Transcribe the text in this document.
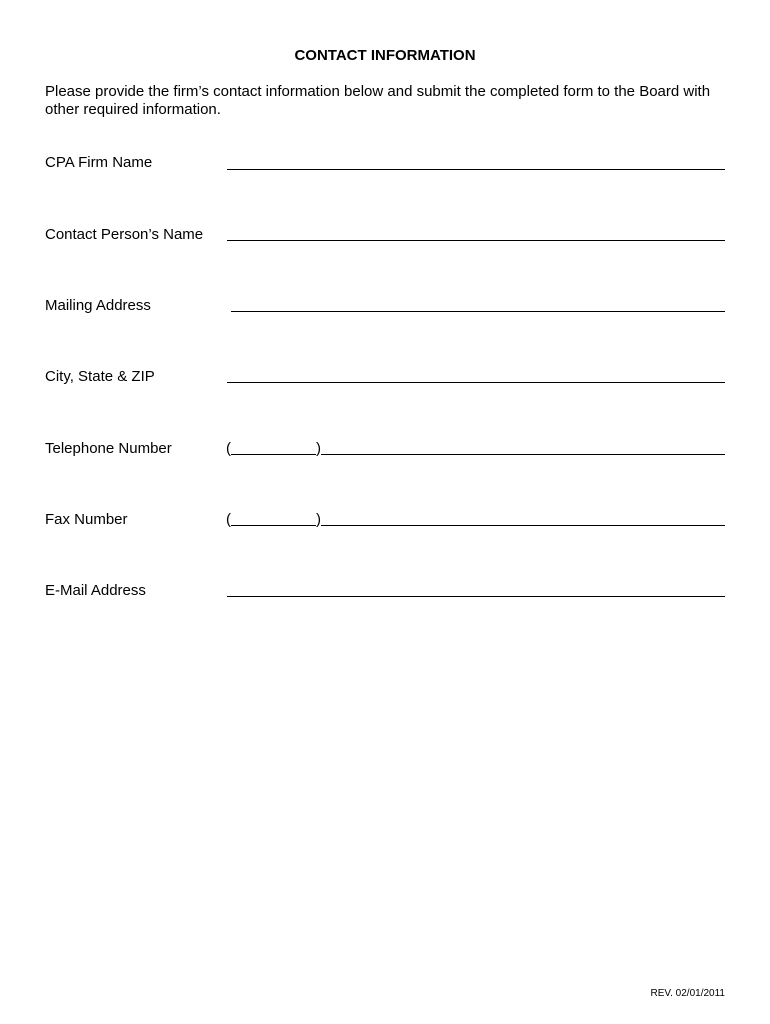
CONTACT INFORMATION
Please provide the firm’s contact information below and submit the completed form to the Board with other required information.
CPA Firm Name
Contact Person’s Name
Mailing Address
City, State & ZIP
Telephone Number	(	)
Fax Number	(	)
E-Mail Address
REV. 02/01/2011
